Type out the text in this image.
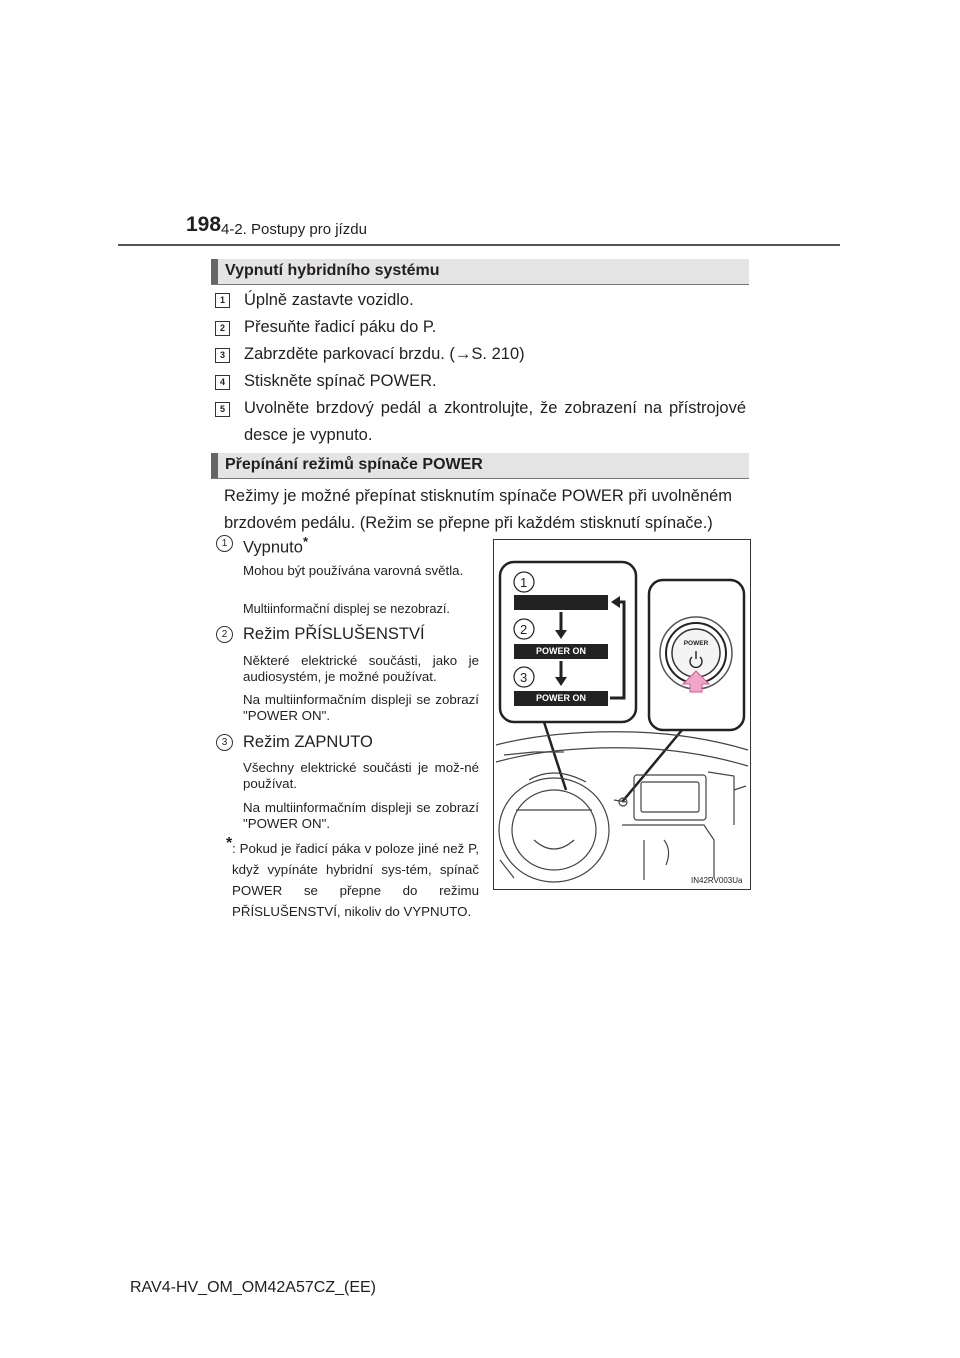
198 4-2. Postupy pro jízdu
Vypnutí hybridního systému
1	Úplně zastavte vozidlo.
2	Přesuňte řadicí páku do P.
3	Zabrzděte parkovací brzdu. (→S. 210)
4	Stiskněte spínač POWER.
5	Uvolněte brzdový pedál a zkontrolujte, že zobrazení na přístrojové desce je vypnuto.
Přepínání režimů spínače POWER
Režimy je možné přepínat stisknutím spínače POWER při uvolněném brzdovém pedálu. (Režim se přepne při každém stisknutí spínače.)
1 Vypnuto*
Mohou být používána varovná světla.
Multiinformační displej se nezobrazí.
2 Režim PŘÍSLUŠENSTVÍ
Některé elektrické součásti, jako je audiosystém, je možné používat.
Na multiinformačním displeji se zobrazí "POWER ON".
3 Režim ZAPNUTO
Všechny elektrické součásti je mož-né používat.
Na multiinformačním displeji se zobrazí "POWER ON".
* : Pokud je řadicí páka v poloze jiné než P, když vypínáte hybridní sys-tém, spínač POWER se přepne do režimu PŘÍSLUŠENSTVÍ, nikoliv do VYPNUTO.
1
2
3
POWER ON
POWER ON
POWER
IN42RV003Ua
RAV4-HV_OM_OM42A57CZ_(EE)
